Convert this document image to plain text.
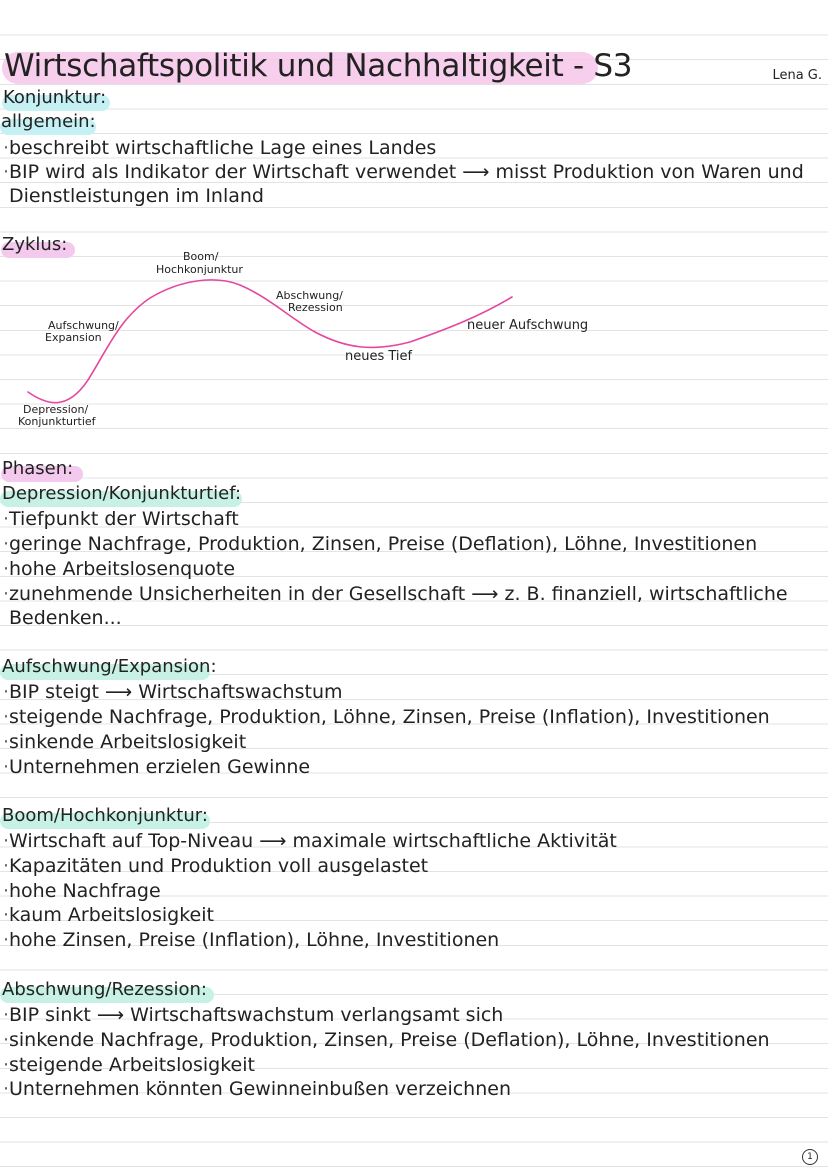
Wirtschaftspolitik und Nachhaltigkeit - S3	Lena G.
Konjunktur:
allgemein:
·beschreibt wirtschaftliche Lage eines Landes
·BIP wird als Indikator der Wirtschaft verwendet ⟶ misst Produktion von Waren und
Dienstleistungen im Inland
Zyklus:
Boom/
Hochkonjunktur
Abschwung/
Rezession
Aufschwung/
Expansion
Depression/
Konjunkturtief
neues Tief
neuer Aufschwung
Phasen:
Depression/Konjunkturtief:
·Tiefpunkt der Wirtschaft
·geringe Nachfrage, Produktion, Zinsen, Preise (Deflation), Löhne, Investitionen
·hohe Arbeitslosenquote
·zunehmende Unsicherheiten in der Gesellschaft ⟶ z. B. finanziell, wirtschaftliche
Bedenken...
Aufschwung/Expansion:
·BIP steigt ⟶ Wirtschaftswachstum
·steigende Nachfrage, Produktion, Löhne, Zinsen, Preise (Inflation), Investitionen
·sinkende Arbeitslosigkeit
·Unternehmen erzielen Gewinne
Boom/Hochkonjunktur:
·Wirtschaft auf Top-Niveau ⟶ maximale wirtschaftliche Aktivität
·Kapazitäten und Produktion voll ausgelastet
·hohe Nachfrage
·kaum Arbeitslosigkeit
·hohe Zinsen, Preise (Inflation), Löhne, Investitionen
Abschwung/Rezession:
·BIP sinkt ⟶ Wirtschaftswachstum verlangsamt sich
·sinkende Nachfrage, Produktion, Zinsen, Preise (Deflation), Löhne, Investitionen
·steigende Arbeitslosigkeit
·Unternehmen könnten Gewinneinbußen verzeichnen
1
